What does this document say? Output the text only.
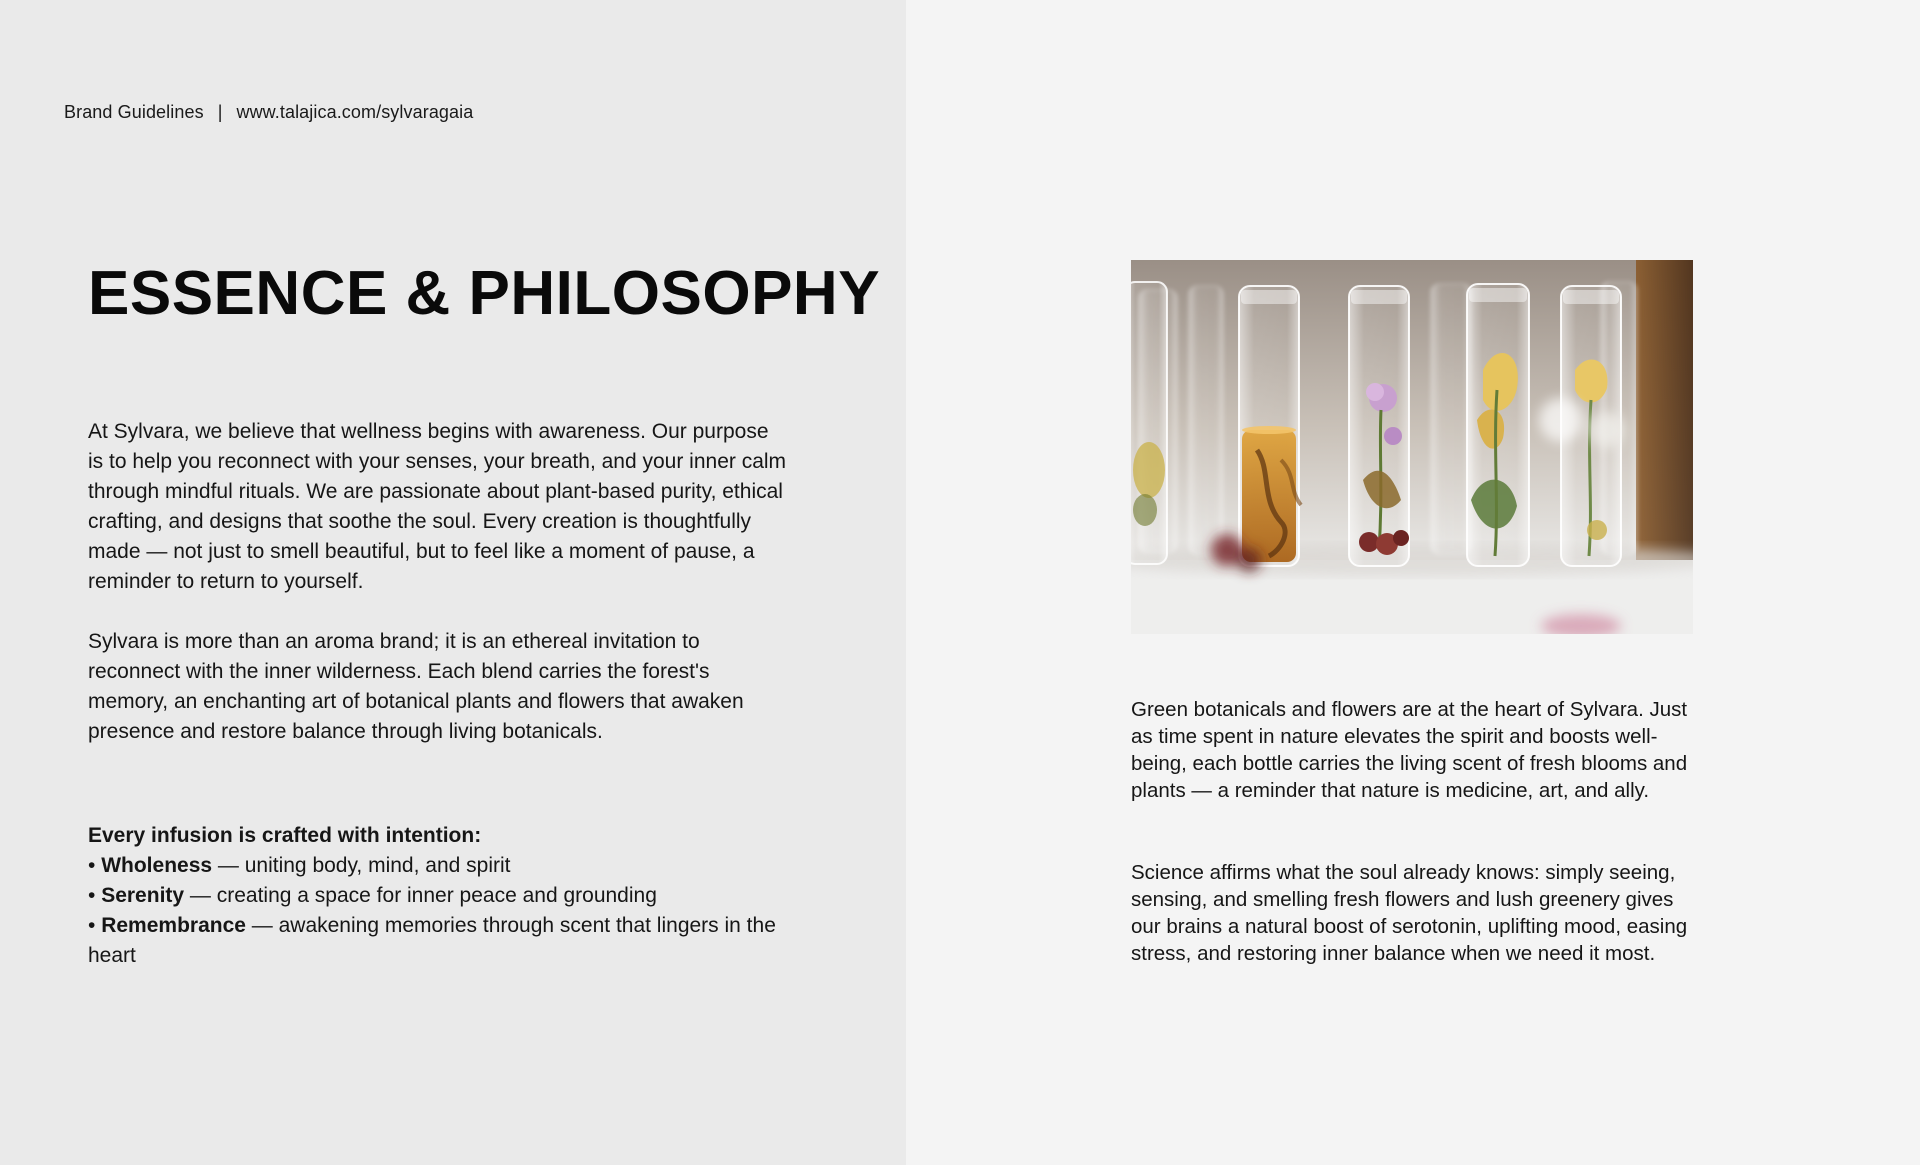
Brand Guidelines | www.talajica.com/sylvaragaia
ESSENCE & PHILOSOPHY

At Sylvara, we believe that wellness begins with awareness. Our purpose is to help you reconnect with your senses, your breath, and your inner calm through mindful rituals. We are passionate about plant-based purity, ethical crafting, and designs that soothe the soul. Every creation is thoughtfully made — not just to smell beautiful, but to feel like a moment of pause, a reminder to return to yourself.

Sylvara is more than an aroma brand; it is an ethereal invitation to reconnect with the inner wilderness. Each blend carries the forest's memory, an enchanting art of botanical plants and flowers that awaken presence and restore balance through living botanicals.

Every infusion is crafted with intention:
• Wholeness — uniting body, mind, and spirit
• Serenity — creating a space for inner peace and grounding
• Remembrance — awakening memories through scent that lingers in the heart

Green botanicals and flowers are at the heart of Sylvara. Just as time spent in nature elevates the spirit and boosts well-being, each bottle carries the living scent of fresh blooms and plants — a reminder that nature is medicine, art, and ally.

Science affirms what the soul already knows: simply seeing, sensing, and smelling fresh flowers and lush greenery gives our brains a natural boost of serotonin, uplifting mood, easing stress, and restoring inner balance when we need it most.
